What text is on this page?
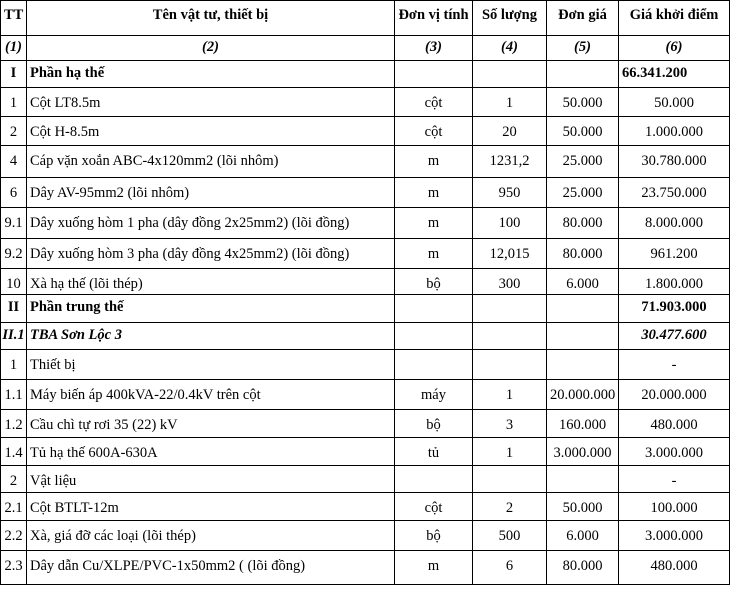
TT	Tên vật tư, thiết bị	Đơn vị tính	Số lượng	Đơn giá	Giá khởi điểm
(1)	(2)	(3)	(4)	(5)	(6)
I	Phần hạ thế				66.341.200
1	Cột LT8.5m	cột	1	50.000	50.000
2	Cột H-8.5m	cột	20	50.000	1.000.000
4	Cáp vặn xoắn ABC-4x120mm2 (lõi nhôm)	m	1231,2	25.000	30.780.000
6	Dây AV-95mm2 (lõi nhôm)	m	950	25.000	23.750.000
9.1	Dây xuống hòm 1 pha (dây đồng 2x25mm2) (lõi đồng)	m	100	80.000	8.000.000
9.2	Dây xuống hòm 3 pha (dây đồng 4x25mm2) (lõi đồng)	m	12,015	80.000	961.200
10	Xà hạ thế (lõi thép)	bộ	300	6.000	1.800.000
II	Phần trung thế				71.903.000
II.1	TBA Sơn Lộc 3				30.477.600
1	Thiết bị				-
1.1	Máy biến áp 400kVA-22/0.4kV trên cột	máy	1	20.000.000	20.000.000
1.2	Cầu chì tự rơi 35 (22) kV	bộ	3	160.000	480.000
1.4	Tủ hạ thế 600A-630A	tủ	1	3.000.000	3.000.000
2	Vật liệu				-
2.1	Cột BTLT-12m	cột	2	50.000	100.000
2.2	Xà, giá đỡ các loại (lõi thép)	bộ	500	6.000	3.000.000
2.3	Dây dẫn Cu/XLPE/PVC-1x50mm2 ( (lõi đồng)	m	6	80.000	480.000
